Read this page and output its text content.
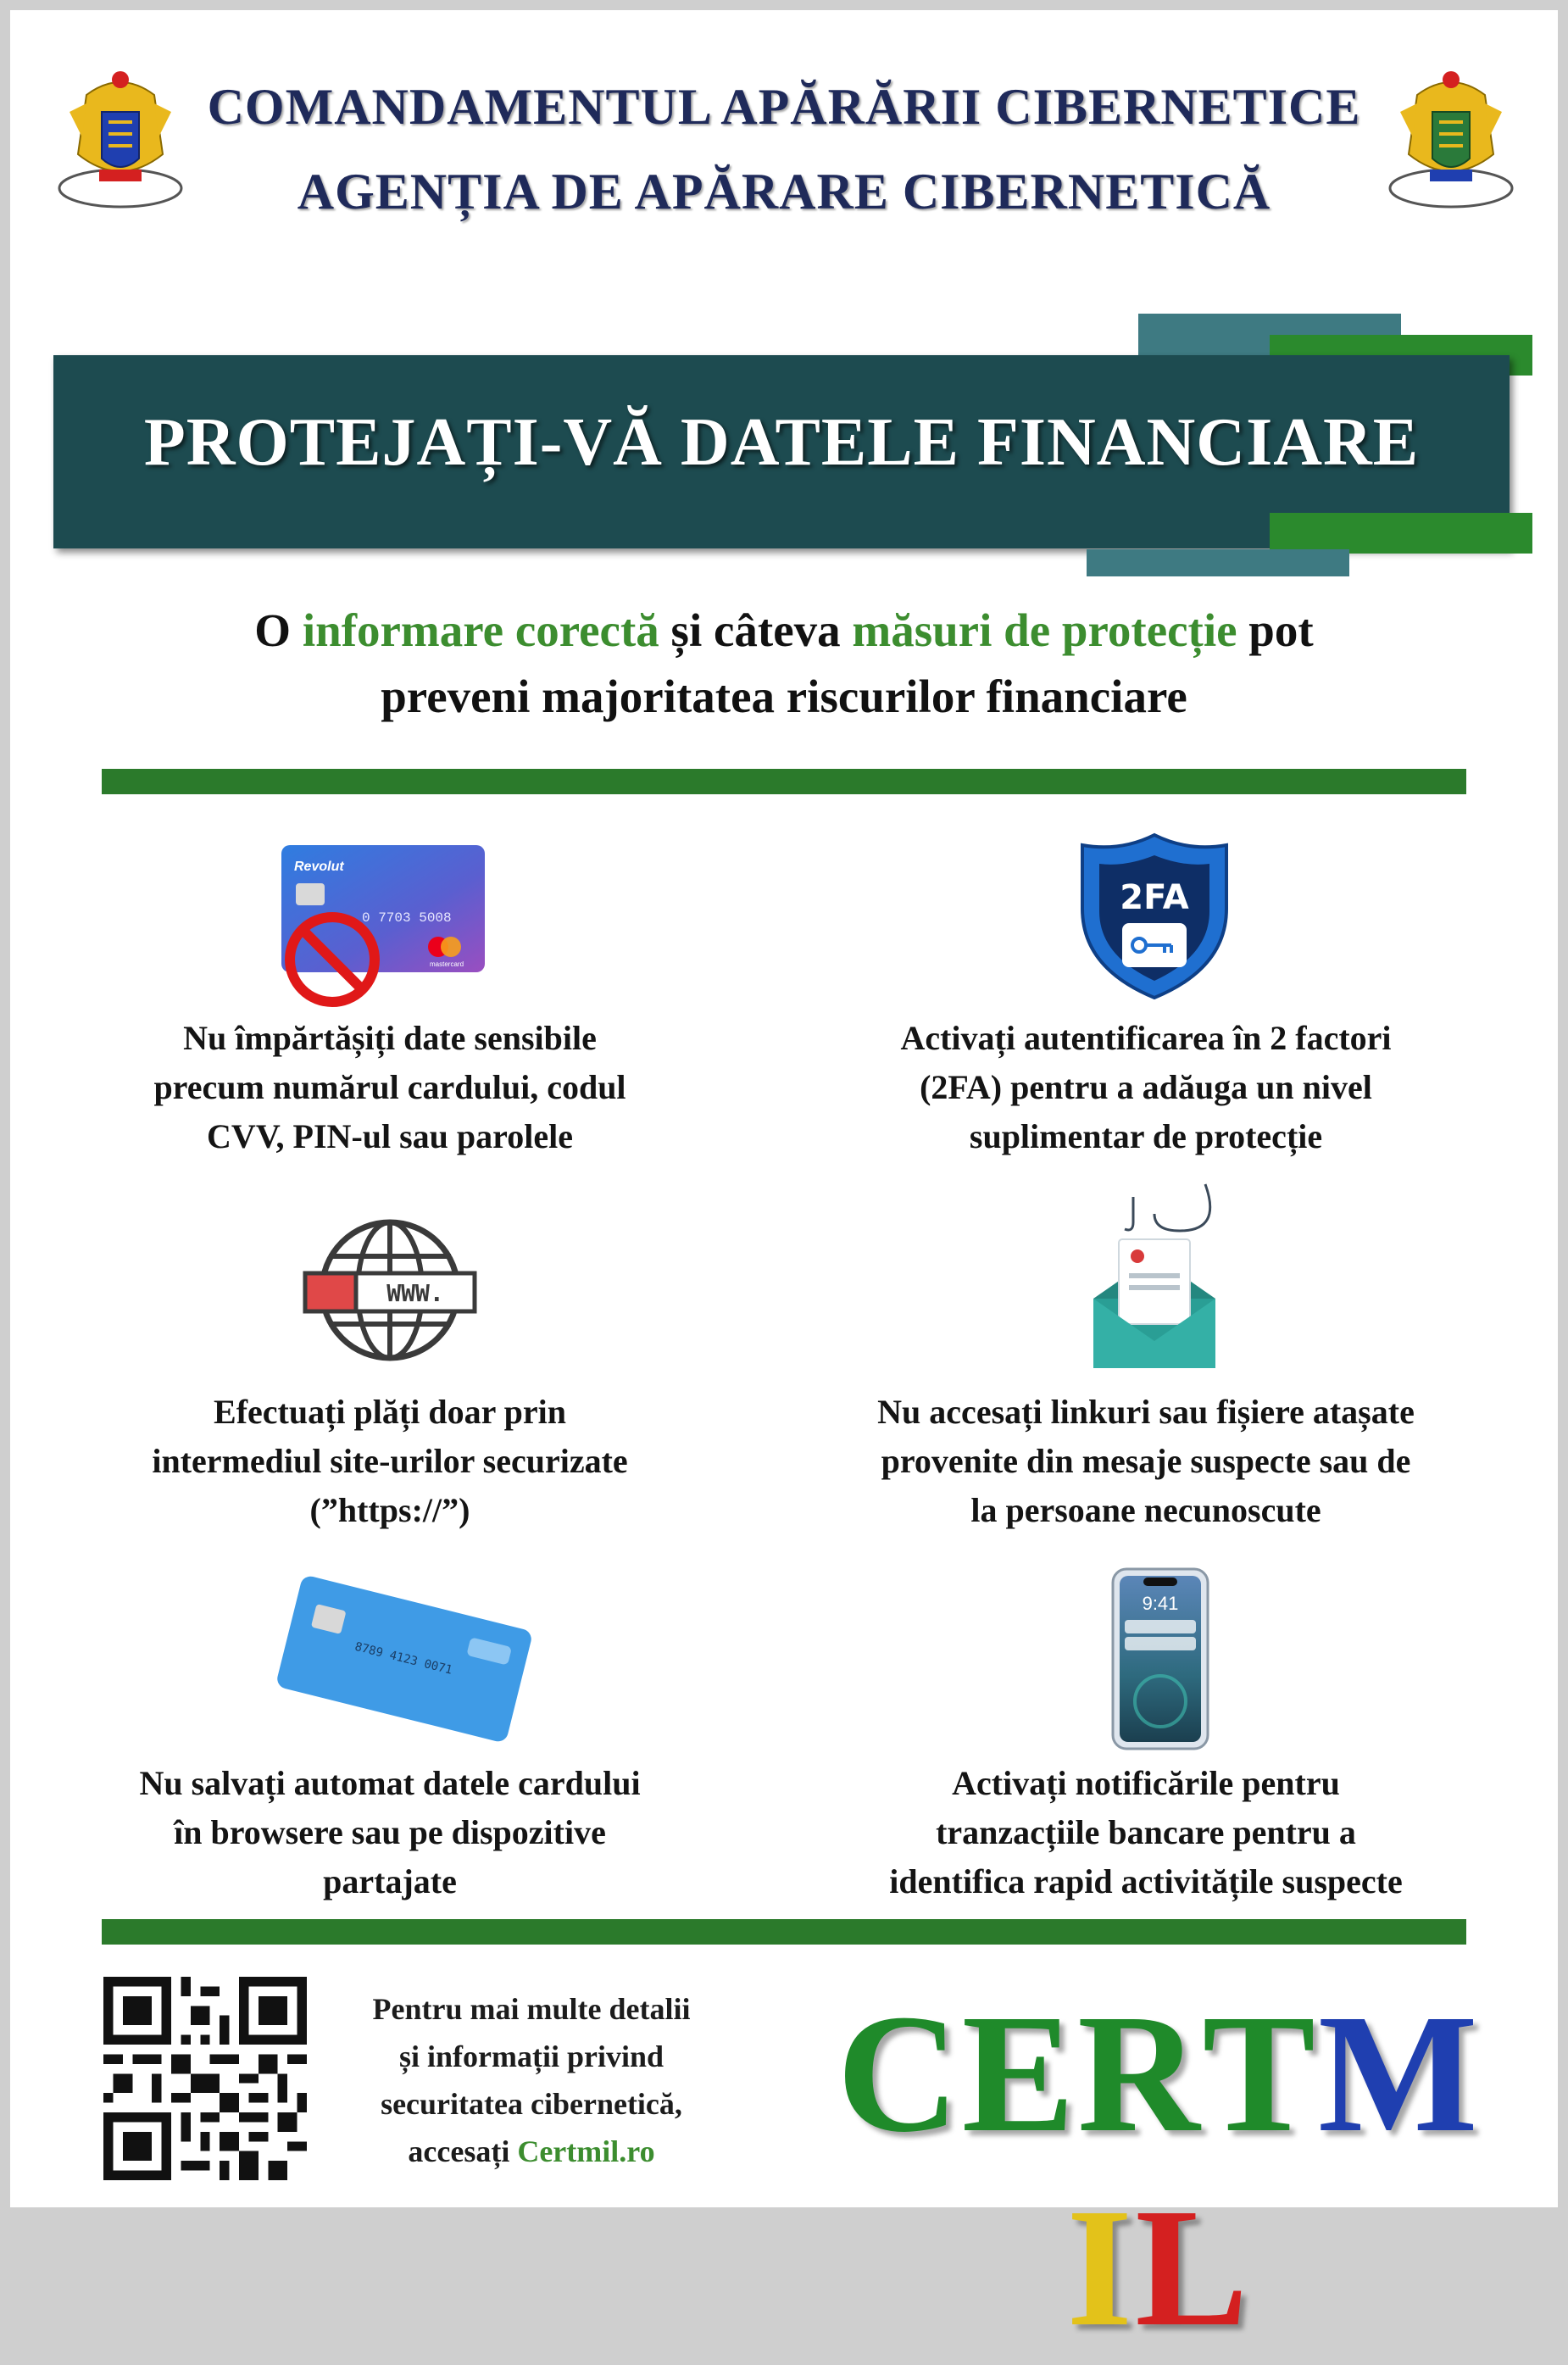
COMANDAMENTUL APĂRĂRII CIBERNETICE
AGENȚIA DE APĂRARE CIBERNETICĂ
PROTEJAȚI-VĂ DATELE FINANCIARE
O informare corectă și câteva măsuri de protecție pot
preveni majoritatea riscurilor financiare
Revolut
0 7703 5008
mastercard
2FA
WWW.
8789 4123 0071
9:41
Nu împărtășiți date sensibile
precum numărul cardului, codul
CVV, PIN-ul sau parolele
Activați autentificarea în 2 factori
(2FA) pentru a adăuga un nivel
suplimentar de protecție
Efectuați plăți doar prin
intermediul site-urilor securizate
(”https://”)
Nu accesați linkuri sau fișiere atașate
provenite din mesaje suspecte sau de
la persoane necunoscute
Nu salvați automat datele cardului
în browsere sau pe dispozitive
partajate
Activați notificările pentru
tranzacțiile bancare pentru a
identifica rapid activitățile suspecte
Pentru mai multe detalii
și informații privind
securitatea cibernetică,
accesați Certmil.ro	CERTMIL
